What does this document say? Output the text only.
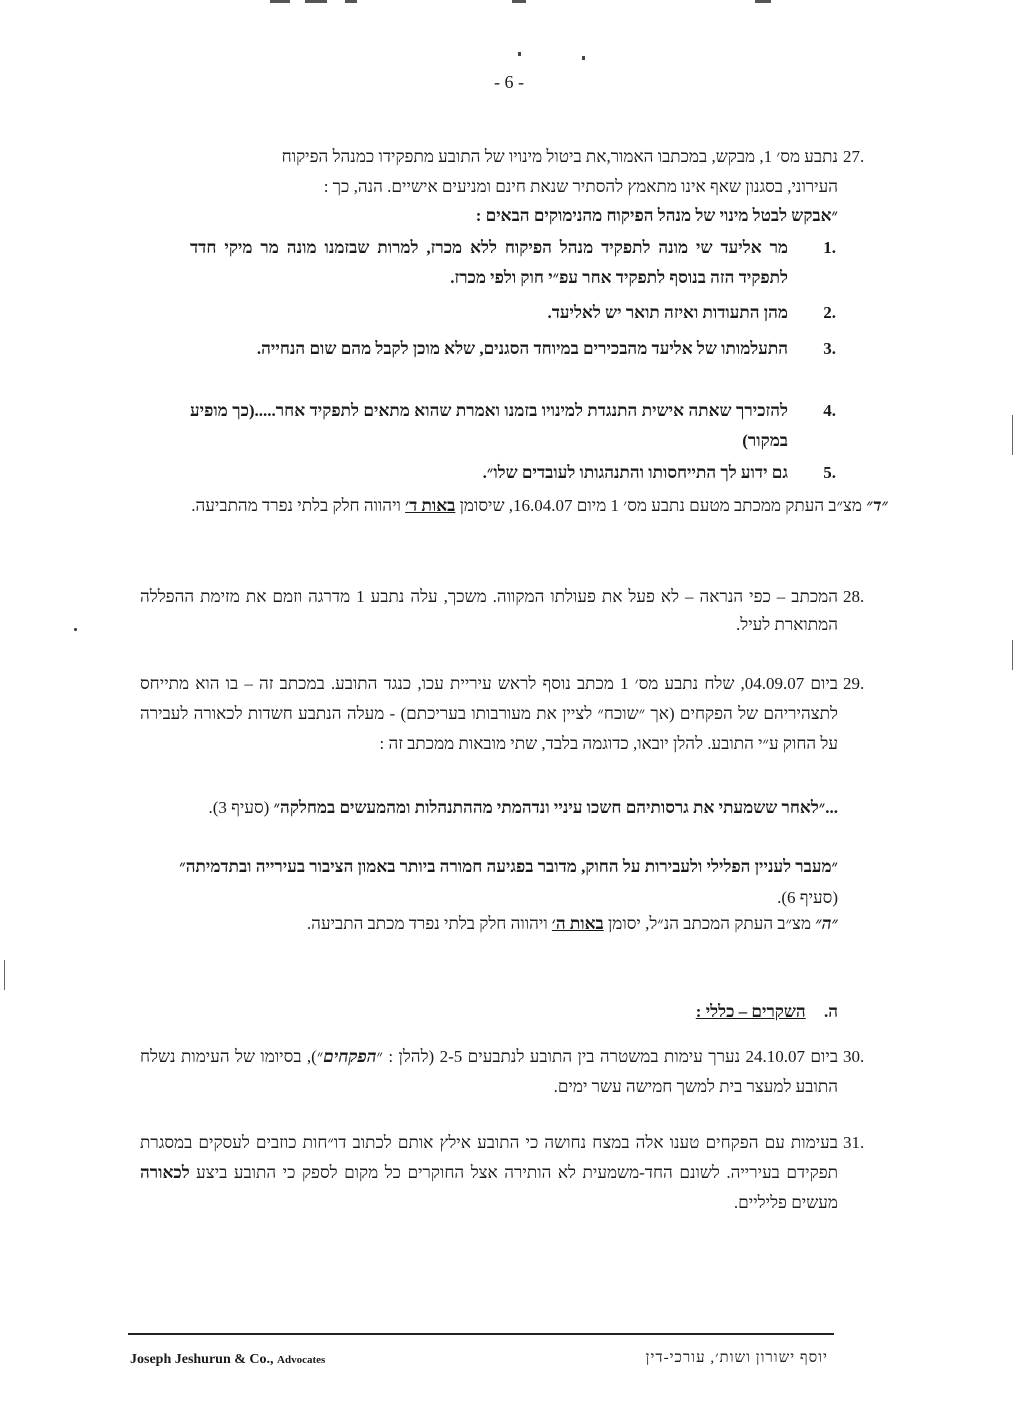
- 6 -
27.
נתבע מס׳ 1, מבקש, במכתבו האמור,את ביטול מינויו של התובע מתפקידו כמנהל הפיקוח
העירוני, בסגנון שאף אינו מתאמץ להסתיר שנאת חינם ומניעים אישיים. הנה, כך :
״אבקש לבטל מינוי של מנהל הפיקוח מהנימוקים הבאים :
1.
מר אליעד שי מונה לתפקיד מנהל הפיקוח ללא מכרז, למרות שבזמנו מונה מר מיקי חדד לתפקיד הזה בנוסף לתפקיד אחר עפ״י חוק ולפי מכרז.
2.
מהן התעודות ואיזה תואר יש לאליעד.
3.
התעלמותו של אליעד מהבכירים במיוחד הסגנים, שלא מוכן לקבל מהם שום הנחייה.
4.
להזכירך שאתה אישית התנגדת למינויו בזמנו ואמרת שהוא מתאים לתפקיד אחר.....(כך מופיע במקור)
5.
גם ידוע לך התייחסותו והתנהגותו לעובדים שלו״.
״ד״ מצ״ב העתק ממכתב מטעם נתבע מס׳ 1 מיום 16.04.07, שיסומן באות ד׳ ויהווה חלק בלתי נפרד מהתביעה.
28.
המכתב – כפי הנראה – לא פעל את פעולתו המקווה. משכך, עלה נתבע 1 מדרגה וזמם את מזימת ההפללה המתוארת לעיל.
29.
ביום 04.09.07, שלח נתבע מס׳ 1 מכתב נוסף לראש עיריית עכו, כנגד התובע. במכתב זה – בו הוא מתייחס לתצהיריהם של הפקחים (אך ״שוכח״ לציין את מעורבותו בעריכתם) - מעלה הנתבע חשדות לכאורה לעבירה על החוק ע״י התובע. להלן יובאו, כדוגמה בלבד, שתי מובאות ממכתב זה :
...״לאחר ששמעתי את גרסותיהם חשכו עיניי ונדהמתי מההתנהלות ומהמעשים במחלקה״ (סעיף 3).
״מעבר לעניין הפלילי ולעבירות על החוק, מדובר בפגיעה חמורה ביותר באמון הציבור בעירייה ובתדמיתה״ (סעיף 6).
״ה״ מצ״ב העתק המכתב הנ״ל, יסומן באות ה׳ ויהווה חלק בלתי נפרד מכתב התביעה.
ה. השקרים – כללי :
30.
ביום 24.10.07 נערך עימות במשטרה בין התובע לנתבעים 2-5 (להלן : ״הפקחים״), בסיומו של העימות נשלח התובע למעצר בית למשך חמישה עשר ימים.
31.
בעימות עם הפקחים טענו אלה במצח נחושה כי התובע אילץ אותם לכתוב דו״חות כוזבים לעסקים במסגרת תפקידם בעירייה. לשונם החד-משמעית לא הותירה אצל החוקרים כל מקום לספק כי התובע ביצע לכאורה מעשים פליליים.
Joseph Jeshurun & Co., Advocates	יוסף ישורון ושות׳, עורכי-דין
